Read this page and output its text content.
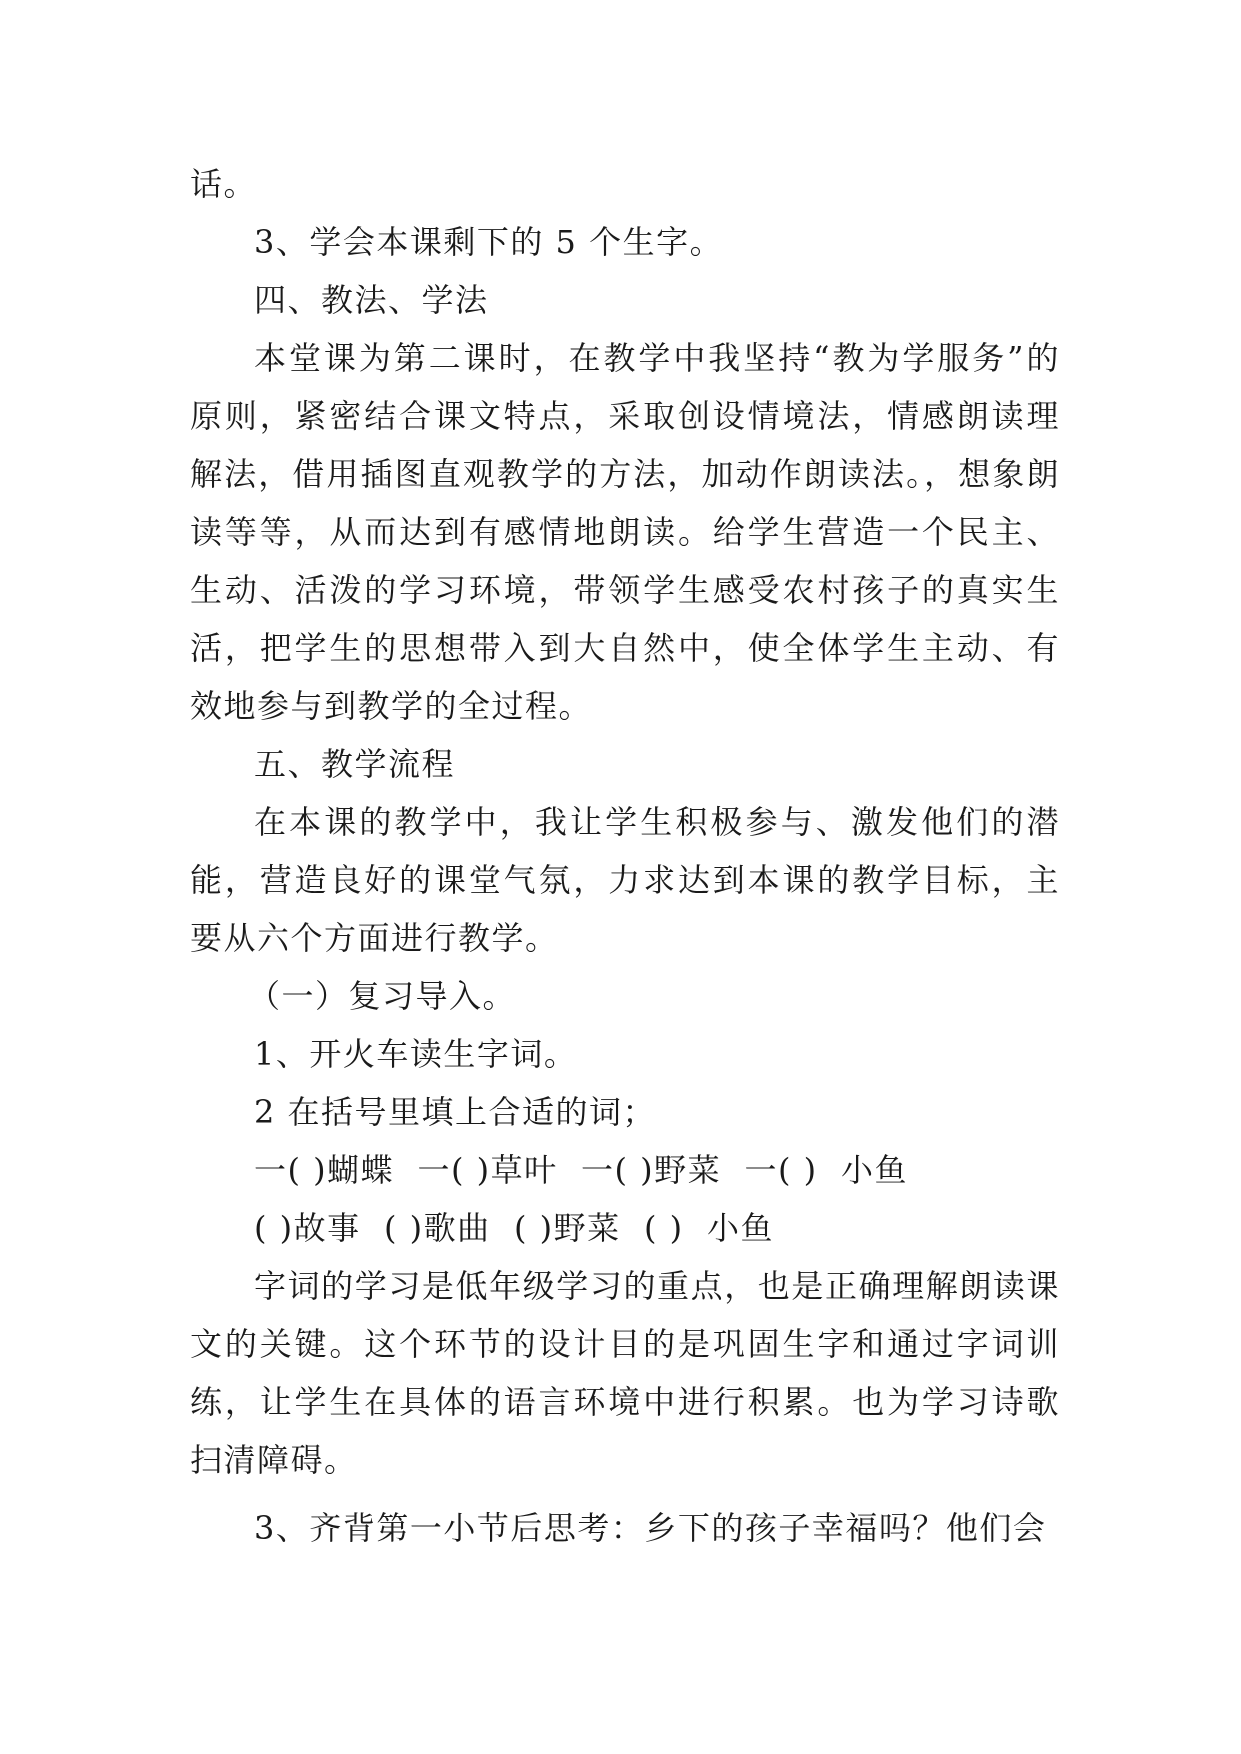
话。

3、学会本课剩下的 5 个生字。

四、教法、学法

本堂课为第二课时，在教学中我坚持“教为学服务”的原则，紧密结合课文特点，采取创设情境法，情感朗读理解法，借用插图直观教学的方法，加动作朗读法。，想象朗读等等，从而达到有感情地朗读。给学生营造一个民主、生动、活泼的学习环境，带领学生感受农村孩子的真实生活，把学生的思想带入到大自然中，使全体学生主动、有效地参与到教学的全过程。

五、教学流程

在本课的教学中，我让学生积极参与、激发他们的潜能，营造良好的课堂气氛，力求达到本课的教学目标，主要从六个方面进行教学。

（一）复习导入。

1、开火车读生字词。

2 在括号里填上合适的词；

一( )蝴蝶  一( )草叶  一( )野菜  一( )  小鱼

( )故事  ( )歌曲  ( )野菜  ( )  小鱼

字词的学习是低年级学习的重点，也是正确理解朗读课文的关键。这个环节的设计目的是巩固生字和通过字词训练，让学生在具体的语言环境中进行积累。也为学习诗歌扫清障碍。

3、齐背第一小节后思考：乡下的孩子幸福吗？他们会
